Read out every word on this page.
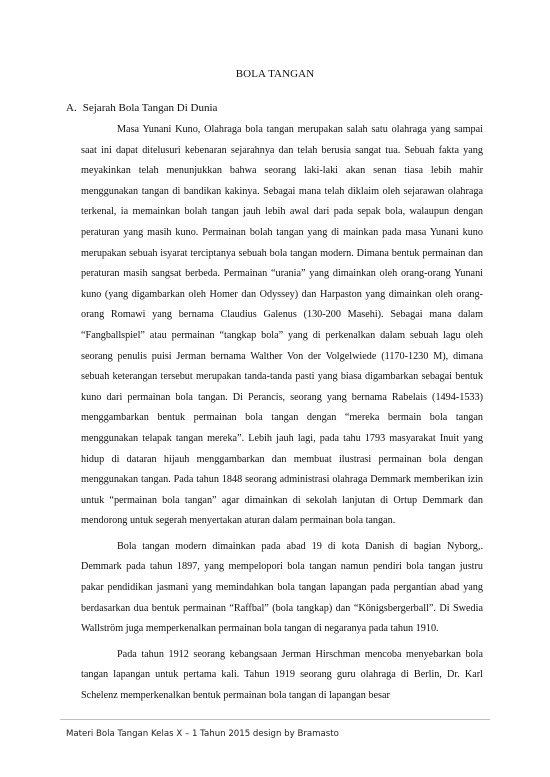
BOLA TANGAN
A. Sejarah Bola Tangan Di Dunia

Masa Yunani Kuno, Olahraga bola tangan merupakan salah satu olahraga yang sampai saat ini dapat ditelusuri kebenaran sejarahnya dan telah berusia sangat tua. Sebuah fakta yang meyakinkan telah menunjukkan bahwa seorang laki-laki akan senan tiasa lebih mahir menggunakan tangan di bandikan kakinya. Sebagai mana telah diklaim oleh sejarawan olahraga terkenal, ia memainkan bolah tangan jauh lebih awal dari pada sepak bola, walaupun dengan peraturan yang masih kuno. Permainan bolah tangan yang di mainkan pada masa Yunani kuno merupakan sebuah isyarat terciptanya sebuah bola tangan modern. Dimana bentuk permainan dan peraturan masih sangsat berbeda. Permainan “urania” yang dimainkan oleh orang-orang Yunani kuno (yang digambarkan oleh Homer dan Odyssey) dan Harpaston yang dimainkan oleh orang-orang Romawi yang bernama Claudius Galenus (130-200 Masehi). Sebagai mana dalam “Fangballspiel” atau permainan “tangkap bola” yang di perkenalkan dalam sebuah lagu oleh seorang penulis puisi Jerman bernama Walther Von der Volgelwiede (1170-1230 M), dimana sebuah keterangan tersebut merupakan tanda-tanda pasti yang biasa digambarkan sebagai bentuk kuno dari permainan bola tangan. Di Perancis, seorang yang bernama Rabelais (1494-1533) menggambarkan bentuk permainan bola tangan dengan “mereka bermain bola tangan menggunakan telapak tangan mereka”. Lebih jauh lagi, pada tahu 1793 masyarakat Inuit yang hidup di dataran hijauh menggambarkan dan membuat ilustrasi permainan bola dengan menggunakan tangan. Pada tahun 1848 seorang administrasi olahraga Demmark memberikan izin untuk “permainan bola tangan” agar dimainkan di sekolah lanjutan di Ortup Demmark dan mendorong untuk segerah menyertakan aturan dalam permainan bola tangan.

Bola tangan modern dimainkan pada abad 19 di kota Danish di bagian Nyborg,. Demmark pada tahun 1897, yang mempelopori bola tangan namun pendiri bola tangan justru pakar pendidikan jasmani yang memindahkan bola tangan lapangan pada pergantian abad yang berdasarkan dua bentuk permainan “Raffbal” (bola tangkap) dan “Königsbergerball”. Di Swedia Wallström juga memperkenalkan permainan bola tangan di negaranya pada tahun 1910.

Pada tahun 1912 seorang kebangsaan Jerman Hirschman mencoba menyebarkan bola tangan lapangan untuk pertama kali. Tahun 1919 seorang guru olahraga di Berlin, Dr. Karl Schelenz memperkenalkan bentuk permainan bola tangan di lapangan besar

Materi Bola Tangan Kelas X – 1 Tahun 2015 design by Bramasto
